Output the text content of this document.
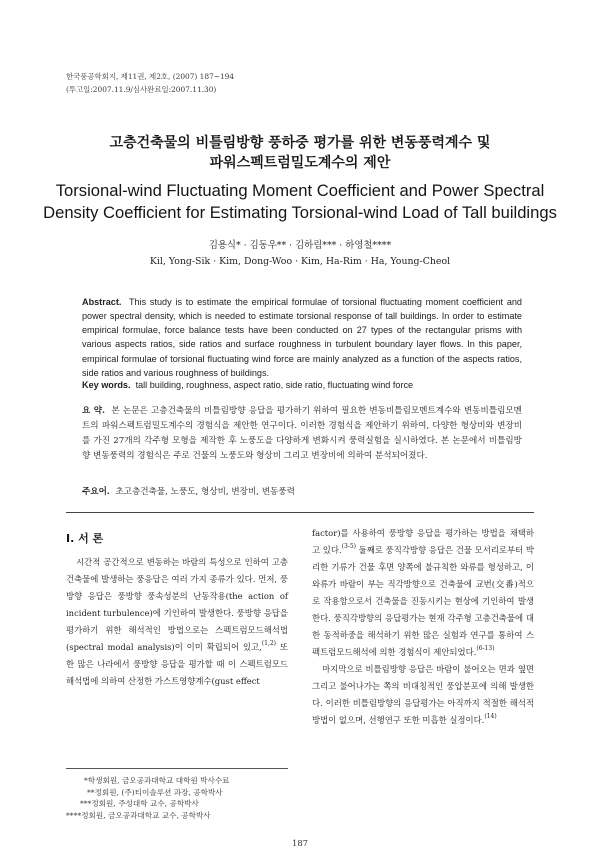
한국풍공학회지, 제11권, 제2호, (2007) 187~194
(투고일:2007.11.9/심사완료일:2007.11.30)
고층건축물의 비틀림방향 풍하중 평가를 위한 변동풍력계수 및
파워스펙트럼밀도계수의 제안
Torsional-wind Fluctuating Moment Coefficient and Power Spectral
Density Coefficient for Estimating Torsional-wind Load of Tall buildings
김용식* · 김동우** · 김하림*** · 하영철****
Kil, Yong-Sik · Kim, Dong-Woo · Kim, Ha-Rim · Ha, Young-Cheol
Abstract. This study is to estimate the empirical formulae of torsional fluctuating moment coefficient and power spectral density, which is needed to estimate torsional response of tall buildings. In order to estimate empirical formulae, force balance tests have been conducted on 27 types of the rectangular prisms with various aspects ratios, side ratios and surface roughness in turbulent boundary layer flows. In this paper, empirical formulae of torsional fluctuating wind force are mainly analyzed as a function of the aspects ratios, side ratios and various roughness of buildings.
Key words. tall building, roughness, aspect ratio, side ratio, fluctuating wind force
요 약. 본 논문은 고층건축물의 비틀림방향 응답을 평가하기 위하여 필요한 변동비틀림모멘트계수와 변동비틀림모멘트의 파워스펙트럼밀도계수의 경험식을 제안한 연구이다. 이러한 경험식을 제안하기 위하여, 다양한 형상비와 변장비를 가진 27개의 각주형 모형을 제작한 후 노풍도을 다양하게 변화시켜 풍력실험을 실시하였다. 본 논문에서 비틀림방향 변동풍력의 경험식은 주로 건물의 노풍도와 형상비 그리고 변장비에 의하여 분석되어졌다.
주요어. 초고층건축물, 노풍도, 형상비, 변장비, 변동풍력
I. 서 론

시간적 공간적으로 변동하는 바람의 특성으로 인하여 고층건축물에 발생하는 풍응답은 여러 가지 종류가 있다. 먼저, 풍방향 응답은 풍방향 풍속성분의 난동작용(the action of incident turbulence)에 기인하여 발생한다. 풍방향 응답을 평가하기 위한 해석적인 방법으로는 스펙트럼모드해석법(spectral modal analysis)이 이미 확립되어 있고,$^{(1,2)}$ 또한 많은 나라에서 풍방향 응답을 평가할 때 이 스펙트럼모드해석법에 의하여 산정한 가스트영향계수(gust effect

factor)를 사용하여 풍방향 응답을 평가하는 방법을 채택하고 있다.$^{(3-5)}$ 둘째로 풍직각방향 응답은 건물 모서리로부터 박리한 기류가 건물 후면 양쪽에 불규칙한 와류를 형성하고, 이 와류가 바람이 부는 직각방향으로 건축물에 교번(交番)적으로 작용함으로서 건축물을 진동시키는 현상에 기인하여 발생한다. 풍직각방향의 응답평가는 현재 각주형 고층건축물에 대한 동적하중을 해석하기 위한 많은 실험과 연구를 통하여 스펙트럼모드해석에 의한 경험식이 제안되었다.$^{(6-13)}$

마지막으로 비틀림방향 응답은 바람이 불어오는 면과 옆면 그리고 불어나가는 쪽의 비대칭적인 풍압분포에 의해 발생한다. 이러한 비틀림방향의 응답평가는 아직까지 적절한 해석적 방법이 없으며, 선행연구 또한 미흡한 실정이다.$^{(14)}$

*학생회원, 금오공과대학교 대학원 박사수료
**정회원, (주)티이솔루션 과장, 공학박사
***정회원, 주성대학 교수, 공학박사
****정회원, 금오공과대학교 교수, 공학박사
187
